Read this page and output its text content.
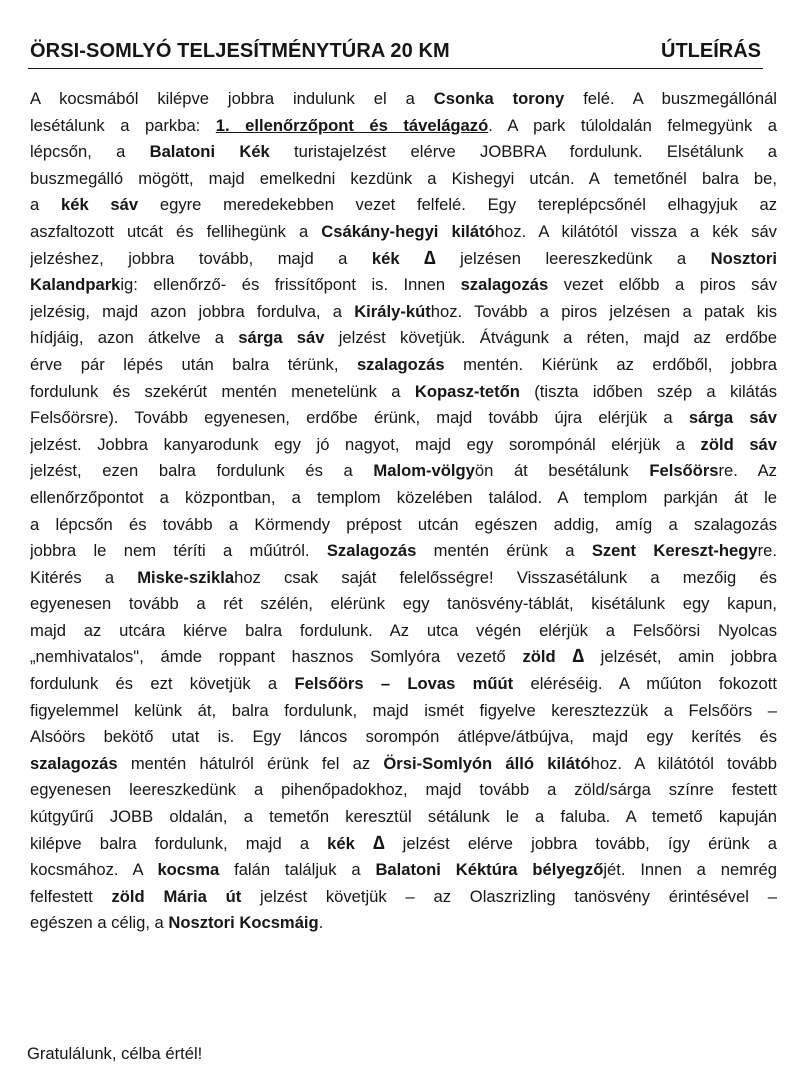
ÖRSI-SOMLYÓ TELJESÍTMÉNYTÚRA 20 KM	ÚTLEÍRÁS
A kocsmából kilépve jobbra indulunk el a Csonka torony felé. A buszmegállónál
lesétálunk a parkba: 1. ellenőrzőpont és távelágazó. A park túloldalán felmegyünk a
lépcsőn, a Balatoni Kék turistajelzést elérve JOBBRA fordulunk. Elsétálunk a
buszmegálló mögött, majd emelkedni kezdünk a Kishegyi utcán. A temetőnél balra be,
a kék sáv egyre meredekebben vezet felfelé. Egy tereplépcsőnél elhagyjuk az
aszfaltozott utcát és fellihegünk a Csákány-hegyi kilátóhoz. A kilátótól vissza a kék sáv
jelzéshez, jobbra tovább, majd a kék ∆ jelzésen leereszkedünk a Nosztori
Kalandparkig: ellenőrző- és frissítőpont is. Innen szalagozás vezet előbb a piros sáv
jelzésig, majd azon jobbra fordulva, a Király-kúthoz. Tovább a piros jelzésen a patak kis
hídjáig, azon átkelve a sárga sáv jelzést követjük. Átvágunk a réten, majd az erdőbe
érve pár lépés után balra térünk, szalagozás mentén. Kiérünk az erdőből, jobbra
fordulunk és szekérút mentén menetelünk a Kopasz-tetőn (tiszta időben szép a kilátás
Felsőörsre). Tovább egyenesen, erdőbe érünk, majd tovább újra elérjük a sárga sáv
jelzést. Jobbra kanyarodunk egy jó nagyot, majd egy sorompónál elérjük a zöld sáv
jelzést, ezen balra fordulunk és a Malom-völgyön át besétálunk Felsőörsre. Az
ellenőrzőpontot a központban, a templom közelében találod. A templom parkján át le
a lépcsőn és tovább a Körmendy prépost utcán egészen addig, amíg a szalagozás
jobbra le nem téríti a műútról. Szalagozás mentén érünk a Szent Kereszt-hegyre.
Kitérés a Miske-sziklahoz csak saját felelősségre! Visszasétálunk a mezőig és
egyenesen tovább a rét szélén, elérünk egy tanösvény-táblát, kisétálunk egy kapun,
majd az utcára kiérve balra fordulunk. Az utca végén elérjük a Felsőörsi Nyolcas
„nemhivatalos", ámde roppant hasznos Somlyóra vezető zöld ∆ jelzését, amin jobbra
fordulunk és ezt követjük a Felsőörs – Lovas műút eléréséig. A műúton fokozott
figyelemmel kelünk át, balra fordulunk, majd ismét figyelve keresztezzük a Felsőörs –
Alsóörs bekötő utat is. Egy láncos sorompón átlépve/átbújva, majd egy kerítés és
szalagozás mentén hátulról érünk fel az Örsi-Somlyón álló kilátóhoz. A kilátótól tovább
egyenesen leereszkedünk a pihenőpadokhoz, majd tovább a zöld/sárga színre festett
kútgyűrű JOBB oldalán, a temetőn keresztül sétálunk le a faluba. A temető kapuján
kilépve balra fordulunk, majd a kék ∆ jelzést elérve jobbra tovább, így érünk a
kocsmához. A kocsma falán találjuk a Balatoni Kéktúra bélyegzőjét. Innen a nemrég
felfestett zöld Mária út jelzést követjük – az Olaszrizling tanösvény érintésével –
egészen a célig, a Nosztori Kocsmáig.
Gratulálunk, célba értél!
